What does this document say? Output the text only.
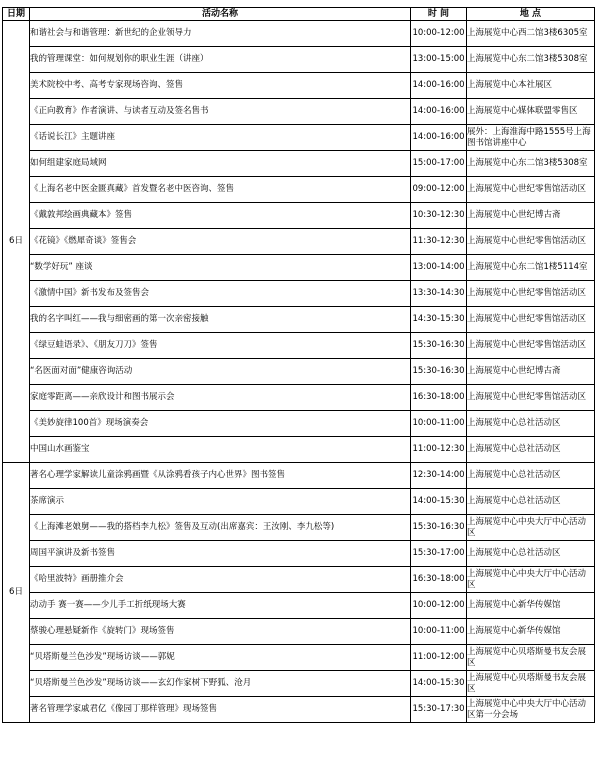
日期	活动名称	时 间	地 点
6日	和谐社会与和谐管理：新世纪的企业领导力	10:00-12:00	上海展览中心西二馆3楼6305室
	我的管理课堂：如何规划你的职业生涯（讲座）	13:00-15:00	上海展览中心东二馆3楼5308室
	美术院校中考、高考专家现场咨询、签售	14:00-16:00	上海展览中心本社展区
	《正向教育》作者演讲、与读者互动及签名售书	14:00-16:00	上海展览中心媒体联盟零售区
	《话说长江》主题讲座	14:00-16:00	展外：上海淮海中路1555号上海图书馆讲座中心
	如何组建家庭局域网	15:00-17:00	上海展览中心东二馆3楼5308室
	《上海名老中医金匮真藏》首发暨名老中医咨询、签售	09:00-12:00	上海展览中心世纪零售馆活动区
	《戴敦邦绘画典藏本》签售	10:30-12:30	上海展览中心世纪博古斋
	《花镜》《燃犀奇谈》签售会	11:30-12:30	上海展览中心世纪零售馆活动区
	“数学好玩” 座谈	13:00-14:00	上海展览中心东二馆1楼5114室
	《激情中国》新书发布及签售会	13:30-14:30	上海展览中心世纪零售馆活动区
	我的名字叫红——我与细密画的第一次亲密接触	14:30-15:30	上海展览中心世纪零售馆活动区
	《绿豆蛙语录》、《朋友刀刀》签售	15:30-16:30	上海展览中心世纪零售馆活动区
	“名医面对面”健康咨询活动	15:30-16:30	上海展览中心世纪博古斋
	家庭零距离——亲欣设计和图书展示会	16:30-18:00	上海展览中心世纪零售馆活动区
	《美妙旋律100首》现场演奏会	10:00-11:00	上海展览中心总社活动区
	中国山水画鉴宝	11:00-12:30	上海展览中心总社活动区
6日	著名心理学家解读儿童涂鸦画暨《从涂鸦看孩子内心世界》图书签售	12:30-14:00	上海展览中心总社活动区
	茶席演示	14:00-15:30	上海展览中心总社活动区
	《上海滩老娘舅——我的搭档李九松》签售及互动(出席嘉宾：王汝刚、李九松等)	15:30-16:30	上海展览中心中央大厅中心活动区
	周国平演讲及新书签售	15:30-17:00	上海展览中心总社活动区
	《哈里波特》画册推介会	16:30-18:00	上海展览中心中央大厅中心活动区
	动动手 赛一赛——少儿手工折纸现场大赛	10:00-12:00	上海展览中心新华传媒馆
	蔡骏心理悬疑新作《旋转门》现场签售	10:00-11:00	上海展览中心新华传媒馆
	“贝塔斯曼兰色沙发”现场访谈——郭妮	11:00-12:00	上海展览中心贝塔斯曼书友会展区
	“贝塔斯曼兰色沙发”现场访谈——玄幻作家树下野狐、沧月	14:00-15:30	上海展览中心贝塔斯曼书友会展区
	著名管理学家戚君亿《像园丁那样管理》现场签售	15:30-17:30	上海展览中心中央大厅中心活动区第一分会场
